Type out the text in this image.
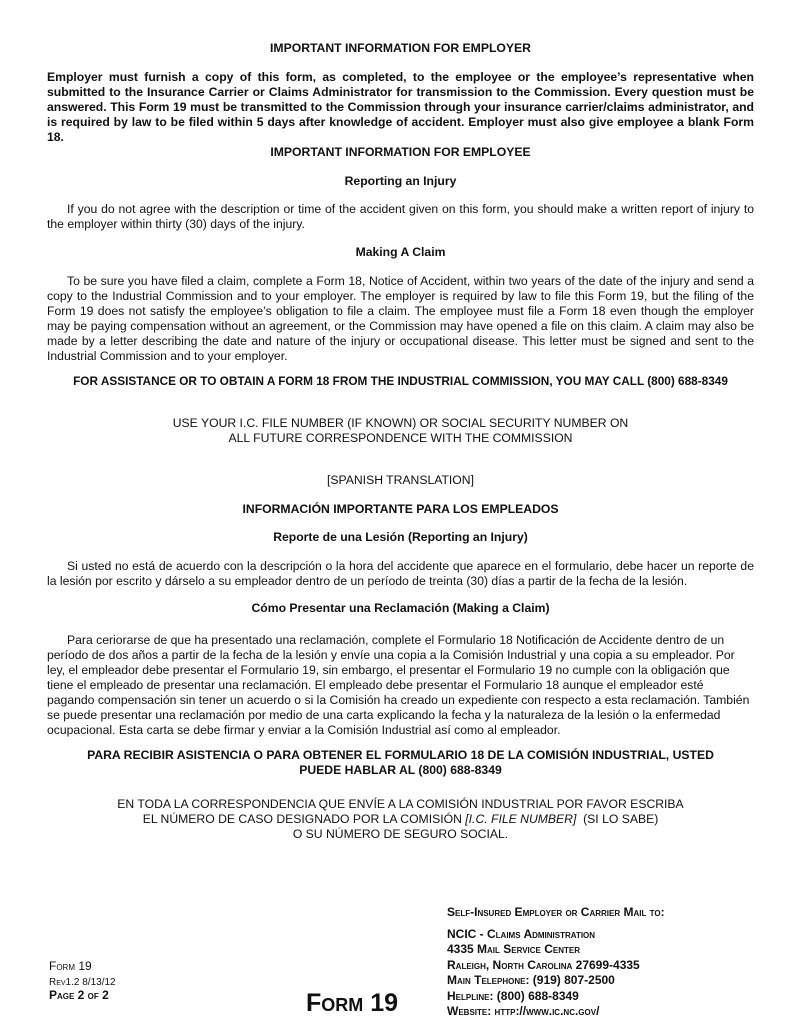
IMPORTANT INFORMATION FOR EMPLOYER
Employer must furnish a copy of this form, as completed, to the employee or the employee’s representative when submitted to the Insurance Carrier or Claims Administrator for transmission to the Commission. Every question must be answered. This Form 19 must be transmitted to the Commission through your insurance carrier/claims administrator, and is required by law to be filed within 5 days after knowledge of accident. Employer must also give employee a blank Form 18.
IMPORTANT INFORMATION FOR EMPLOYEE
Reporting an Injury
If you do not agree with the description or time of the accident given on this form, you should make a written report of injury to the employer within thirty (30) days of the injury.
Making A Claim
To be sure you have filed a claim, complete a Form 18, Notice of Accident, within two years of the date of the injury and send a copy to the Industrial Commission and to your employer. The employer is required by law to file this Form 19, but the filing of the Form 19 does not satisfy the employee’s obligation to file a claim. The employee must file a Form 18 even though the employer may be paying compensation without an agreement, or the Commission may have opened a file on this claim. A claim may also be made by a letter describing the date and nature of the injury or occupational disease. This letter must be signed and sent to the Industrial Commission and to your employer.
FOR ASSISTANCE OR TO OBTAIN A FORM 18 FROM THE INDUSTRIAL COMMISSION, YOU MAY CALL (800) 688-8349
USE YOUR I.C. FILE NUMBER (IF KNOWN) OR SOCIAL SECURITY NUMBER ON
ALL FUTURE CORRESPONDENCE WITH THE COMMISSION
[SPANISH TRANSLATION]
INFORMACIÓN IMPORTANTE PARA LOS EMPLEADOS
Reporte de una Lesión (Reporting an Injury)
Si usted no está de acuerdo con la descripción o la hora del accidente que aparece en el formulario, debe hacer un reporte de la lesión por escrito y dárselo a su empleador dentro de un período de treinta (30) días a partir de la fecha de la lesión.
Cómo Presentar una Reclamación (Making a Claim)
Para ceriorarse de que ha presentado una reclamación, complete el Formulario 18 Notificación de Accidente dentro de un período de dos años a partir de la fecha de la lesión y envíe una copia a la Comisión Industrial y una copia a su empleador. Por ley, el empleador debe presentar el Formulario 19, sin embargo, el presentar el Formulario 19 no cumple con la obligación que tiene el empleado de presentar una reclamación. El empleado debe presentar el Formulario 18 aunque el empleador esté pagando compensación sin tener un acuerdo o si la Comisión ha creado un expediente con respecto a esta reclamación. También se puede presentar una reclamación por medio de una carta explicando la fecha y la naturaleza de la lesión o la enfermedad ocupacional. Esta carta se debe firmar y enviar a la Comisión Industrial así como al empleador.
PARA RECIBIR ASISTENCIA O PARA OBTENER EL FORMULARIO 18 DE LA COMISIÓN INDUSTRIAL, USTED
PUEDE HABLAR AL (800) 688-8349
EN TODA LA CORRESPONDENCIA QUE ENVÍE A LA COMISIÓN INDUSTRIAL POR FAVOR ESCRIBA
EL NÚMERO DE CASO DESIGNADO POR LA COMISIÓN [I.C. FILE NUMBER]  (SI LO SABE)
O SU NÚMERO DE SEGURO SOCIAL.
Self-Insured Employer or Carrier Mail to:
NCIC - Claims Administration
4335 Mail Service Center
Raleigh, North Carolina 27699-4335
Main Telephone: (919) 807-2500
Helpline: (800) 688-8349
Website: http://www.ic.nc.gov/
Form 19
Rev1.2 8/13/12
Page 2 of 2	Form 19
